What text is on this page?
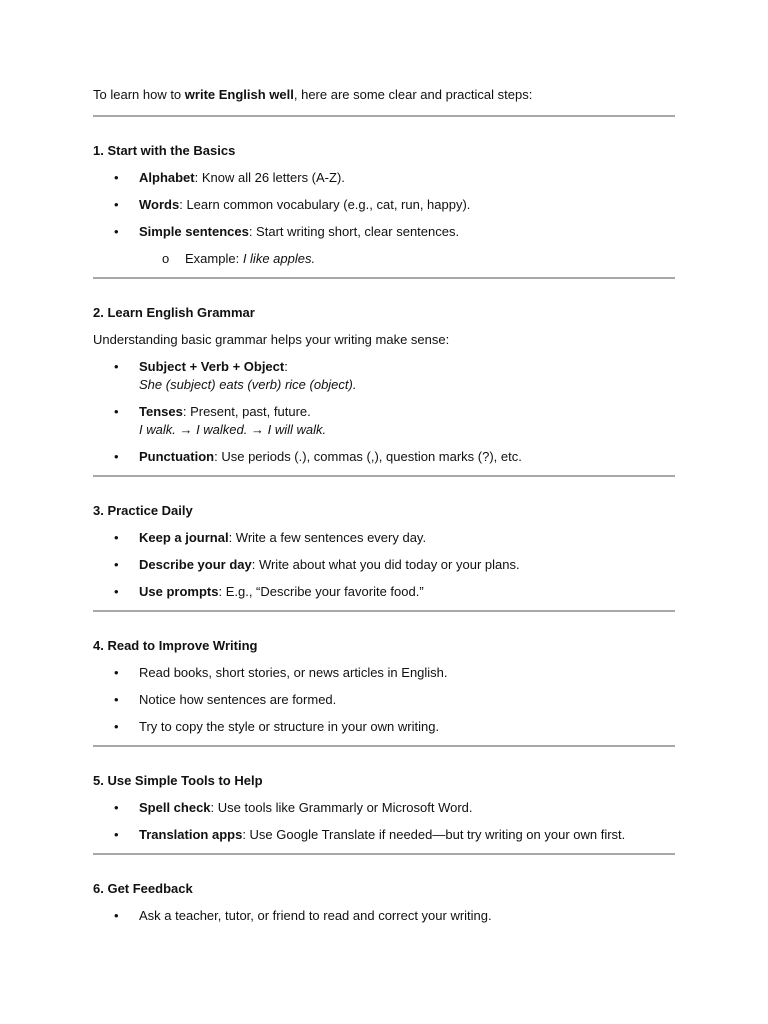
To learn how to write English well, here are some clear and practical steps:

1. Start with the Basics
• Alphabet: Know all 26 letters (A-Z).
• Words: Learn common vocabulary (e.g., cat, run, happy).
• Simple sentences: Start writing short, clear sentences.
o Example: I like apples.
2. Learn English Grammar

Understanding basic grammar helps your writing make sense:

• Subject + Verb + Object:
She (subject) eats (verb) rice (object).
• Tenses: Present, past, future.
I walk. → I walked. → I will walk.
• Punctuation: Use periods (.), commas (,), question marks (?), etc.
3. Practice Daily
• Keep a journal: Write a few sentences every day.
• Describe your day: Write about what you did today or your plans.
• Use prompts: E.g., “Describe your favorite food.”
4. Read to Improve Writing
• Read books, short stories, or news articles in English.
• Notice how sentences are formed.
• Try to copy the style or structure in your own writing.
5. Use Simple Tools to Help
• Spell check: Use tools like Grammarly or Microsoft Word.
• Translation apps: Use Google Translate if needed—but try writing on your own first.
6. Get Feedback
• Ask a teacher, tutor, or friend to read and correct your writing.
